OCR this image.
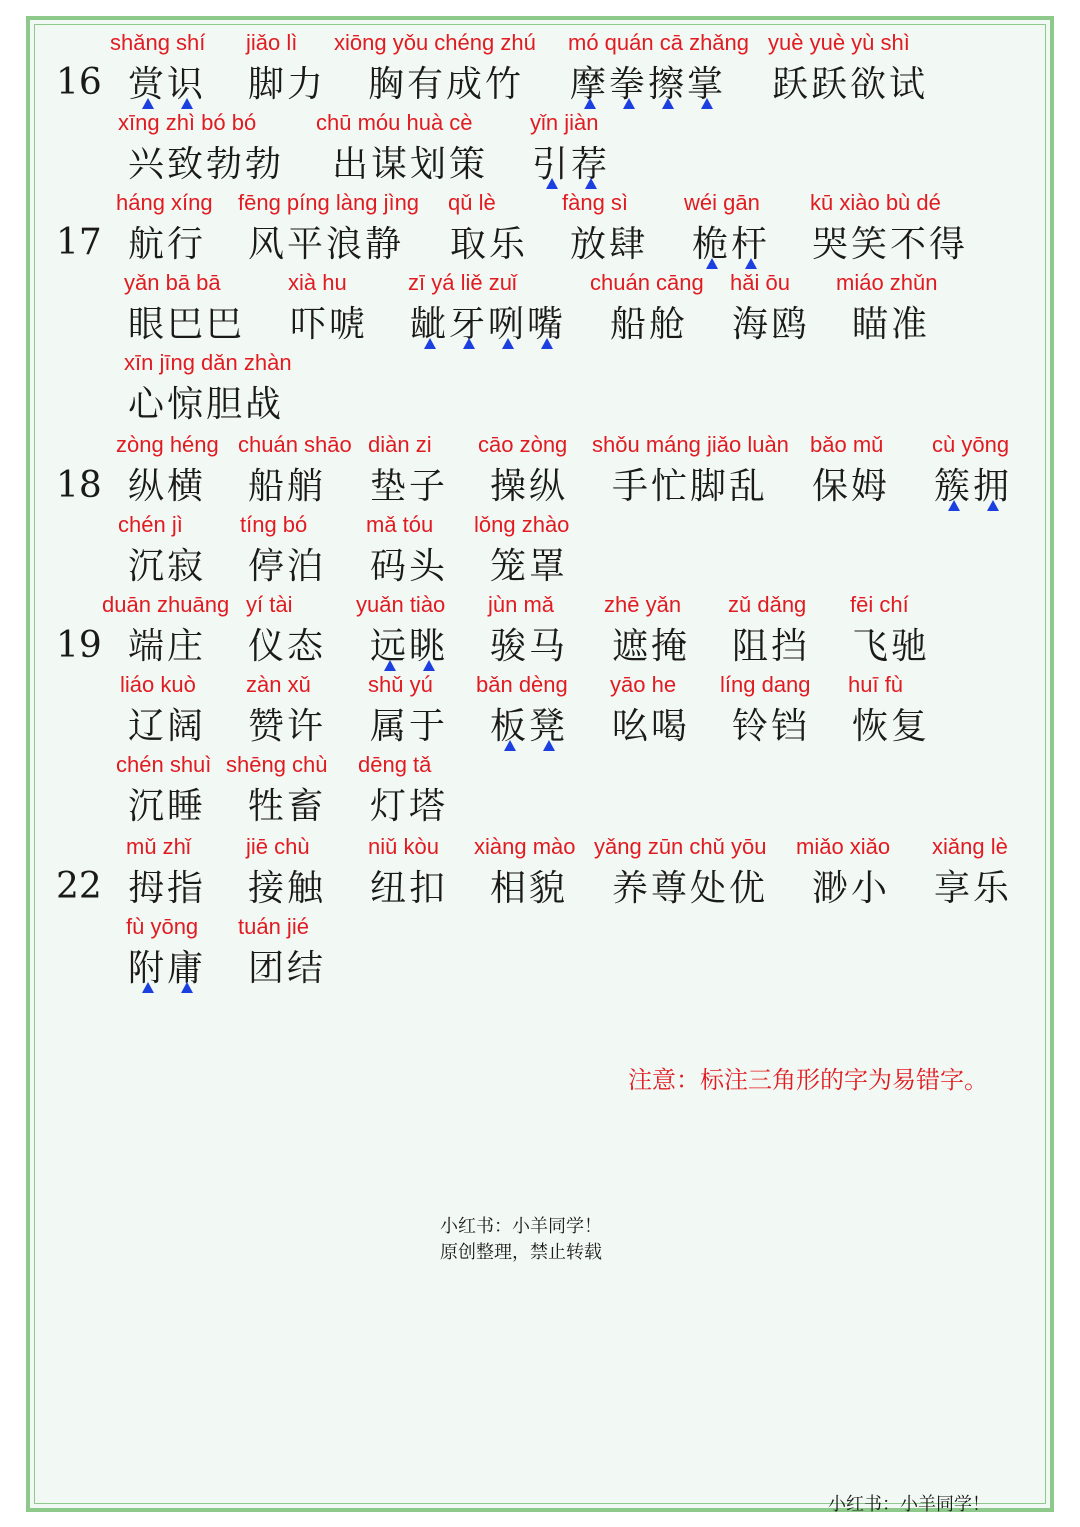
16
shǎng shí
赏识
jiǎo lì
脚力
xiōng yǒu chéng zhú
胸有成竹
mó quán cā zhǎng
摩拳擦掌
yuè yuè yù shì
跃跃欲试
xīng zhì bó bó
兴致勃勃
chū móu huà cè
出谋划策
yǐn jiàn
引荐
17
háng xíng
航行
fēng píng làng jìng
风平浪静
qǔ lè
取乐
fàng sì
放肆
wéi gān
桅杆
kū xiào bù dé
哭笑不得
yǎn bā bā
眼巴巴
xià hu
吓唬
zī yá liě zuǐ
龇牙咧嘴
chuán cāng
船舱
hǎi ōu
海鸥
miáo zhǔn
瞄准
xīn jīng dǎn zhàn
心惊胆战
18
zòng héng
纵横
chuán shāo
船艄
diàn zi
垫子
cāo zòng
操纵
shǒu máng jiǎo luàn
手忙脚乱
bǎo mǔ
保姆
cù yōng
簇拥
chén jì
沉寂
tíng bó
停泊
mǎ tóu
码头
lǒng zhào
笼罩
19
duān zhuāng
端庄
yí tài
仪态
yuǎn tiào
远眺
jùn mǎ
骏马
zhē yǎn
遮掩
zǔ dǎng
阻挡
fēi chí
飞驰
liáo kuò
辽阔
zàn xǔ
赞许
shǔ yú
属于
bǎn dèng
板凳
yāo he
吆喝
líng dang
铃铛
huī fù
恢复
chén shuì
沉睡
shēng chù
牲畜
dēng tǎ
灯塔
22
mǔ zhǐ
拇指
jiē chù
接触
niǔ kòu
纽扣
xiàng mào
相貌
yǎng zūn chǔ yōu
养尊处优
miǎo xiǎo
渺小
xiǎng lè
享乐
fù yōng
附庸
tuán jié
团结
注意：标注三角形的字为易错字。
小红书：小羊同学！
原创整理，禁止转载
小红书：小羊同学！
